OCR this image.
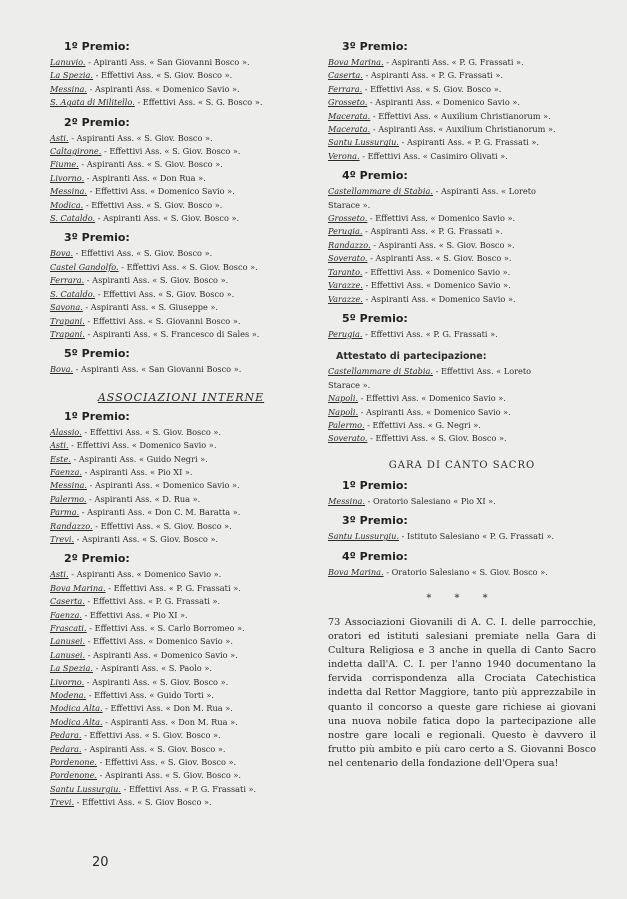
1º Premio:
Lanuvio. - Apiranti Ass. « San Giovanni Bosco ».
La Spezia. - Effettivi Ass. « S. Giov. Bosco ».
Messina. - Aspiranti Ass. « Domenico Savio ».
S. Agata di Militello. - Effettivi Ass. « S. G. Bosco ».
2º Premio:
Asti. - Aspiranti Ass. « S. Giov. Bosco ».
Caltagirone. - Effettivi Ass. « S. Giov. Bosco ».
Fiume. - Aspiranti Ass. « S. Giov. Bosco ».
Livorno. - Aspiranti Ass. « Don Rua ».
Messina. - Effettivi Ass. « Domenico Savio ».
Modica. - Effettivi Ass. « S. Giov. Bosco ».
S. Cataldo. - Aspiranti Ass. « S. Giov. Bosco ».
3º Premio:
Bova. - Effettivi Ass. « S. Giov. Bosco ».
Castel Gandolfo. - Effettivi Ass. « S. Giov. Bosco ».
Ferrara. - Aspiranti Ass. « S. Giov. Bosco ».
S. Cataldo. - Effettivi Ass. « S. Giov. Bosco ».
Savona. - Aspiranti Ass. « S. Giuseppe ».
Trapani. - Effettivi Ass. « S. Giovanni Bosco ».
Trapani. - Aspiranti Ass. « S. Francesco di Sales ».
5º Premio:
Bova. - Aspiranti Ass. « San Giovanni Bosco ».
ASSOCIAZIONI INTERNE
1º Premio:
Alassio. - Effettivi Ass. « S. Giov. Bosco ».
Asti. - Effettivi Ass. « Domenico Savio ».
Este. - Aspiranti Ass. « Guido Negri ».
Faenza. - Aspiranti Ass. « Pio XI ».
Messina. - Aspiranti Ass. « Domenico Savio ».
Palermo. - Aspiranti Ass. « D. Rua ».
Parma. - Aspiranti Ass. « Don C. M. Baratta ».
Randazzo. - Effettivi Ass. « S. Giov. Bosco ».
Trevi. - Aspiranti Ass. « S. Giov. Bosco ».
2º Premio:
Asti. - Aspiranti Ass. « Domenico Savio ».
Bova Marina. - Effettivi Ass. « P. G. Frassati ».
Caserta. - Effettivi Ass. « P. G. Frassati ».
Faenza. - Effettivi Ass. « Pio XI ».
Frascati. - Effettivi Ass. « S. Carlo Borromeo ».
Lanusei. - Effettivi Ass. « Domenico Savio ».
Lanusei. - Aspiranti Ass. « Domenico Savio ».
La Spezia. - Aspiranti Ass. « S. Paolo ».
Livorno. - Aspiranti Ass. « S. Giov. Bosco ».
Modena. - Effettivi Ass. « Guido Torti ».
Modica Alta. - Effettivi Ass. « Don M. Rua ».
Modica Alta. - Aspiranti Ass. « Don M. Rua ».
Pedara. - Effettivi Ass. « S. Giov. Bosco ».
Pedara. - Aspiranti Ass. « S. Giov. Bosco ».
Pordenone. - Effettivi Ass. « S. Giov. Bosco ».
Pordenone. - Aspiranti Ass. « S. Giov. Bosco ».
Santu Lussurgiu. - Effettivi Ass. « P. G. Frassati ».
Trevi. - Effettivi Ass. « S. Giov Bosco ».
3º Premio:
Bova Marina. - Aspiranti Ass. « P. G. Frassati ».
Caserta. - Aspiranti Ass. « P. G. Frassati ».
Ferrara. - Effettivi Ass. « S. Giov. Bosco ».
Grosseto. - Aspiranti Ass. « Domenico Savio ».
Macerata. - Effettivi Ass. « Auxilium Christianorum ».
Macerata. - Aspiranti Ass. « Auxilium Christianorum ».
Santu Lussurgiu. - Aspiranti Ass. « P. G. Frassati ».
Verona. - Effettivi Ass. « Casimiro Olivati ».
4º Premio:
Castellammare di Stabia. - Aspiranti Ass. « Loreto
Starace ».
Grosseto. - Effettivi Ass. « Domenico Savio ».
Perugia. - Aspiranti Ass. « P. G. Frassati ».
Randazzo. - Aspiranti Ass. « S. Giov. Bosco ».
Soverato. - Aspiranti Ass. « S. Giov. Bosco ».
Taranto. - Effettivi Ass. « Domenico Savio ».
Varazze. - Effettivi Ass. « Domenico Savio ».
Varazze. - Aspiranti Ass. « Domenico Savio ».
5º Premio:
Perugia. - Effettivi Ass. « P. G. Frassati ».
Attestato di partecipazione:
Castellammare di Stabia. - Effettivi Ass. « Loreto
Starace ».
Napoli. - Effettivi Ass. « Domenico Savio ».
Napoli. - Aspiranti Ass. « Domenico Savio ».
Palermo. - Effettivi Ass. « G. Negri ».
Soverato. - Effettivi Ass. « S. Giov. Bosco ».
GARA DI CANTO SACRO
1º Premio:
Messina. - Oratorio Salesiano « Pio XI ».
3º Premio:
Santu Lussurgiu. - Istituto Salesiano « P. G. Frassati ».
4º Premio:
Bova Marina. - Oratorio Salesiano « S. Giov. Bosco ».
* * *
73 Associazioni Giovanili di A. C. I. delle parrocchie, oratori ed istituti salesiani premiate nella Gara di Cultura Religiosa e 3 anche in quella di Canto Sacro indetta dall'A. C. I. per l'anno 1940 documentano la fervida corrispondenza alla Crociata Catechistica indetta dal Rettor Maggiore, tanto più apprezzabile in quanto il concorso a queste gare richiese ai giovani una nuova nobile fatica dopo la partecipazione alle nostre gare locali e regionali. Questo è davvero il frutto più ambito e più caro certo a S. Giovanni Bosco nel centenario della fondazione dell'Opera sua!
20
